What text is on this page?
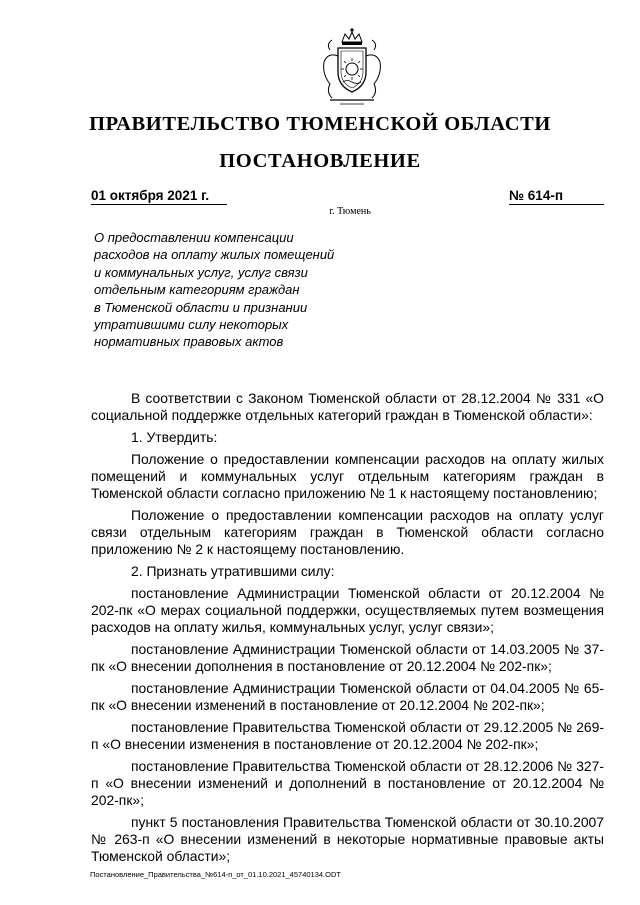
ПРАВИТЕЛЬСТВО ТЮМЕНСКОЙ ОБЛАСТИ
ПОСТАНОВЛЕНИЕ
01 октября 2021 г.	№ 614-п
г. Тюмень
О предоставлении компенсации
расходов на оплату жилых помещений
и коммунальных услуг, услуг связи
отдельным категориям граждан
в Тюменской области и признании
утратившими силу некоторых
нормативных правовых актов

В соответствии с Законом Тюменской области от 28.12.2004 № 331 «О социальной поддержке отдельных категорий граждан в Тюменской области»:

1. Утвердить:

Положение о предоставлении компенсации расходов на оплату жилых помещений и коммунальных услуг отдельным категориям граждан в Тюменской области согласно приложению № 1 к настоящему постановлению;

Положение о предоставлении компенсации расходов на оплату услуг связи отдельным категориям граждан в Тюменской области согласно приложению № 2 к настоящему постановлению.

2. Признать утратившими силу:

постановление Администрации Тюменской области от 20.12.2004 № 202-пк «О мерах социальной поддержки, осуществляемых путем возмещения расходов на оплату жилья, коммунальных услуг, услуг связи»;

постановление Администрации Тюменской области от 14.03.2005 № 37-пк «О внесении дополнения в постановление от 20.12.2004 № 202-пк»;

постановление Администрации Тюменской области от 04.04.2005 № 65-пк «О внесении изменений в постановление от 20.12.2004 № 202-пк»;

постановление Правительства Тюменской области от 29.12.2005 № 269-п «О внесении изменения в постановление от 20.12.2004 № 202-пк»;

постановление Правительства Тюменской области от 28.12.2006 № 327-п «О внесении изменений и дополнений в постановление от 20.12.2004 № 202-пк»;

пункт 5 постановления Правительства Тюменской области от 30.10.2007 № 263-п «О внесении изменений в некоторые нормативные правовые акты Тюменской области»;

Постановление_Правительства_№614-п_от_01.10.2021_45740134.ODT
